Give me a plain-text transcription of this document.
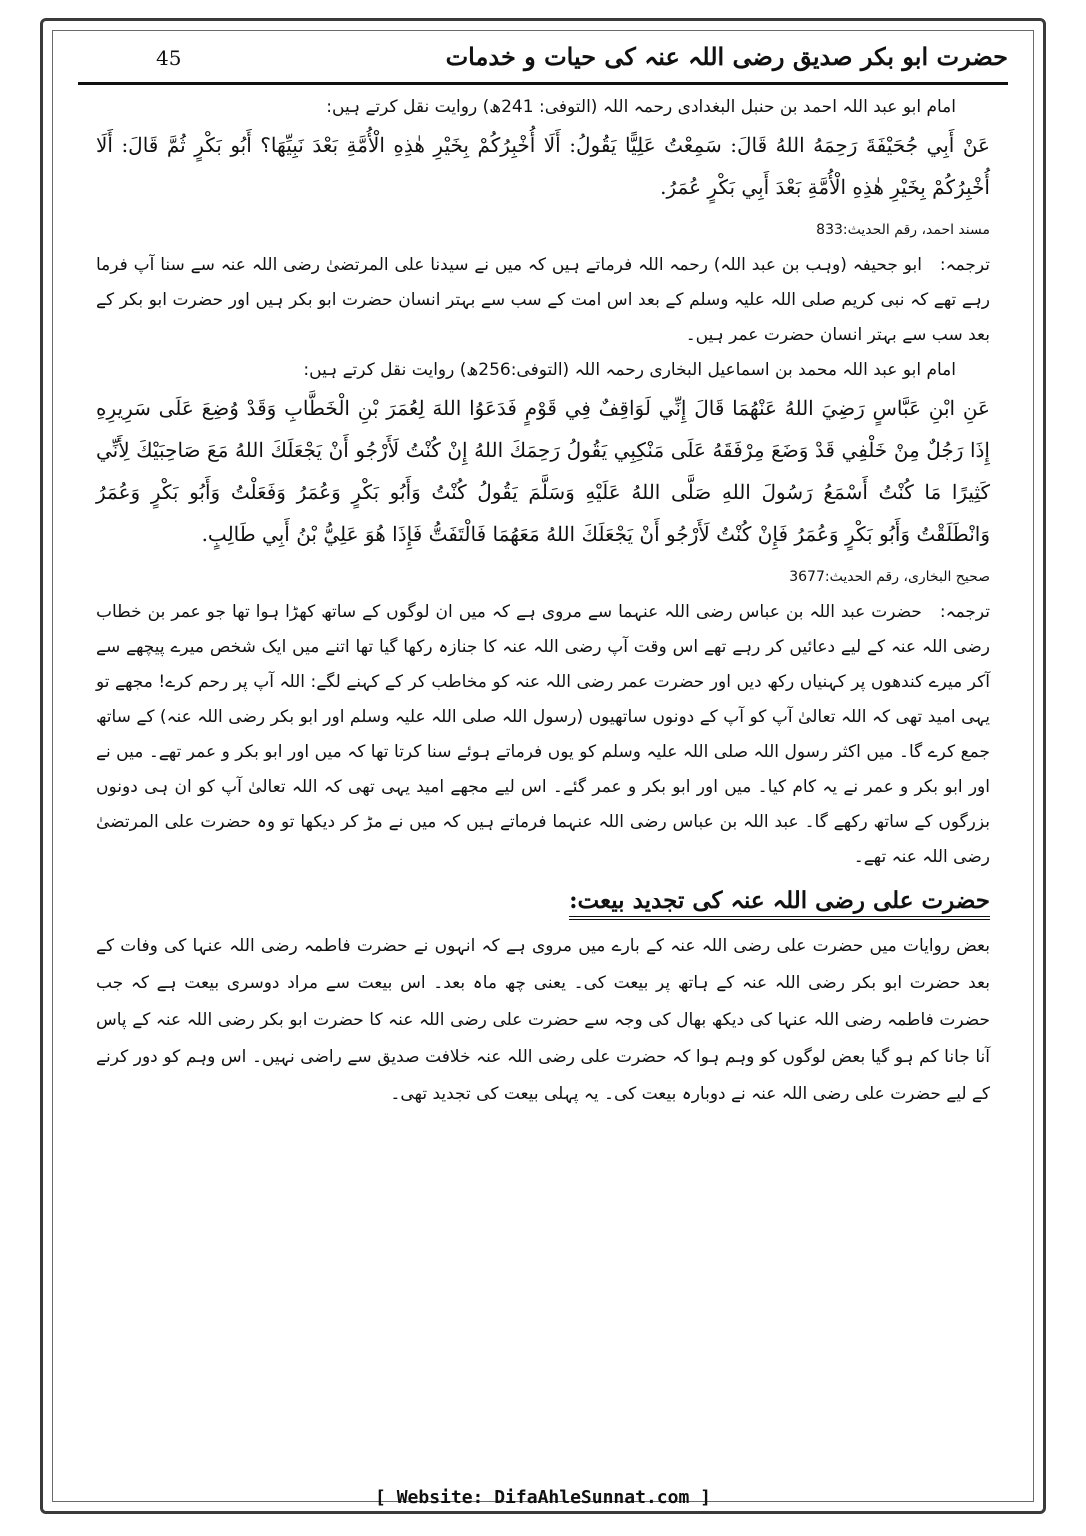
حضرت ابو بکر صدیق رضی اللہ عنہ کی حیات و خدمات
45

امام ابو عبد اللہ احمد بن حنبل البغدادی رحمہ اللہ (التوفی: 241ھ) روایت نقل کرتے ہیں:

عَنْ أَبِي جُحَيْفَةَ رَحِمَهُ اللهُ قَالَ: سَمِعْتُ عَلِيًّا يَقُولُ: أَلَا أُخْبِرُكُمْ بِخَيْرِ هٰذِهِ الْأُمَّةِ بَعْدَ نَبِيِّهَا؟ أَبُو بَكْرٍ ثُمَّ قَالَ: أَلَا أُخْبِرُكُمْ بِخَيْرِ هٰذِهِ الْأُمَّةِ بَعْدَ أَبِي بَكْرٍ عُمَرُ.

مسند احمد، رقم الحدیث:833

ترجمہ: ابو جحیفہ (وہب بن عبد اللہ) رحمہ اللہ فرماتے ہیں کہ میں نے سیدنا علی المرتضیٰ رضی اللہ عنہ سے سنا آپ فرما رہے تھے کہ نبی کریم صلی اللہ علیہ وسلم کے بعد اس امت کے سب سے بہتر انسان حضرت ابو بکر ہیں اور حضرت ابو بکر کے بعد سب سے بہتر انسان حضرت عمر ہیں۔

امام ابو عبد اللہ محمد بن اسماعیل البخاری رحمہ اللہ (التوفی:256ھ) روایت نقل کرتے ہیں:

عَنِ ابْنِ عَبَّاسٍ رَضِيَ اللهُ عَنْهُمَا قَالَ إِنِّي لَوَاقِفٌ فِي قَوْمٍ فَدَعَوُا اللهَ لِعُمَرَ بْنِ الْخَطَّابِ وَقَدْ وُضِعَ عَلَى سَرِيرِهِ إِذَا رَجُلٌ مِنْ خَلْفِي قَدْ وَضَعَ مِرْفَقَهُ عَلَى مَنْكِبِي يَقُولُ رَحِمَكَ اللهُ إِنْ كُنْتُ لَأَرْجُو أَنْ يَجْعَلَكَ اللهُ مَعَ صَاحِبَيْكَ لِأَنِّي كَثِيرًا مَا كُنْتُ أَسْمَعُ رَسُولَ اللهِ صَلَّى اللهُ عَلَيْهِ وَسَلَّمَ يَقُولُ كُنْتُ وَأَبُو بَكْرٍ وَعُمَرُ وَفَعَلْتُ وَأَبُو بَكْرٍ وَعُمَرُ وَانْطَلَقْتُ وَأَبُو بَكْرٍ وَعُمَرُ فَإِنْ كُنْتُ لَأَرْجُو أَنْ يَجْعَلَكَ اللهُ مَعَهُمَا فَالْتَفَتُّ فَإِذَا هُوَ عَلِيُّ بْنُ أَبِي طَالِبٍ.

صحیح البخاری، رقم الحدیث:3677

ترجمہ: حضرت عبد اللہ بن عباس رضی اللہ عنہما سے مروی ہے کہ میں ان لوگوں کے ساتھ کھڑا ہوا تھا جو عمر بن خطاب رضی اللہ عنہ کے لیے دعائیں کر رہے تھے اس وقت آپ رضی اللہ عنہ کا جنازہ رکھا گیا تھا اتنے میں ایک شخص میرے پیچھے سے آکر میرے کندھوں پر کہنیاں رکھ دیں اور حضرت عمر رضی اللہ عنہ کو مخاطب کر کے کہنے لگے: اللہ آپ پر رحم کرے! مجھے تو یہی امید تھی کہ اللہ تعالیٰ آپ کو آپ کے دونوں ساتھیوں (رسول اللہ صلی اللہ علیہ وسلم اور ابو بکر رضی اللہ عنہ) کے ساتھ جمع کرے گا۔ میں اکثر رسول اللہ صلی اللہ علیہ وسلم کو یوں فرماتے ہوئے سنا کرتا تھا کہ میں اور ابو بکر و عمر تھے۔ میں نے اور ابو بکر و عمر نے یہ کام کیا۔ میں اور ابو بکر و عمر گئے۔ اس لیے مجھے امید یہی تھی کہ اللہ تعالیٰ آپ کو ان ہی دونوں بزرگوں کے ساتھ رکھے گا۔ عبد اللہ بن عباس رضی اللہ عنہما فرماتے ہیں کہ میں نے مڑ کر دیکھا تو وہ حضرت علی المرتضیٰ رضی اللہ عنہ تھے۔

حضرت علی رضی اللہ عنہ کی تجدید بیعت:

بعض روایات میں حضرت علی رضی اللہ عنہ کے بارے میں مروی ہے کہ انہوں نے حضرت فاطمہ رضی اللہ عنہا کی وفات کے بعد حضرت ابو بکر رضی اللہ عنہ کے ہاتھ پر بیعت کی۔ یعنی چھ ماہ بعد۔ اس بیعت سے مراد دوسری بیعت ہے کہ جب حضرت فاطمہ رضی اللہ عنہا کی دیکھ بھال کی وجہ سے حضرت علی رضی اللہ عنہ کا حضرت ابو بکر رضی اللہ عنہ کے پاس آنا جانا کم ہو گیا بعض لوگوں کو وہم ہوا کہ حضرت علی رضی اللہ عنہ خلافت صدیق سے راضی نہیں۔ اس وہم کو دور کرنے کے لیے حضرت علی رضی اللہ عنہ نے دوبارہ بیعت کی۔ یہ پہلی بیعت کی تجدید تھی۔

[ Website: DifaAhleSunnat.com ]
